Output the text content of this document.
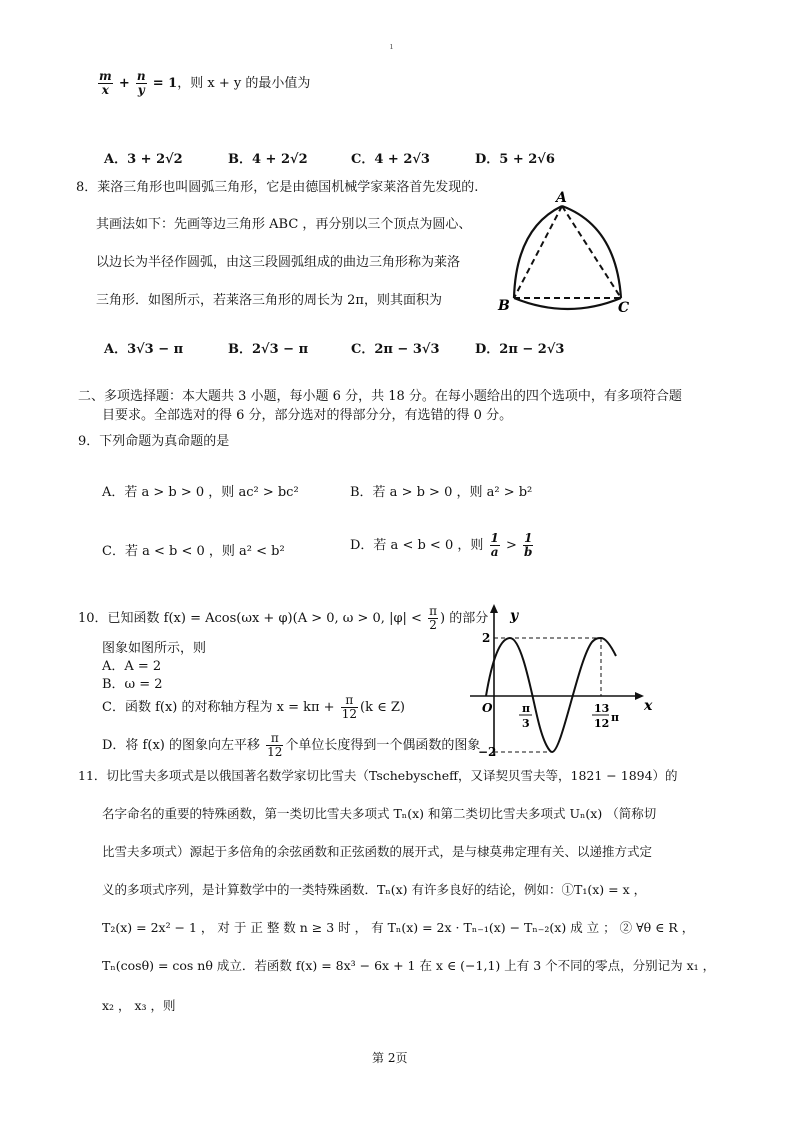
ı
$\frac{m}{x} + \frac{n}{y} = 1$，则 x + y 的最小值为
A．3 + 2√2	B．4 + 2√2	C．4 + 2√3	D．5 + 2√6
8．莱洛三角形也叫圆弧三角形，它是由德国机械学家莱洛首先发现的.
其画法如下：先画等边三角形 ABC ，再分别以三个顶点为圆心、
以边长为半径作圆弧，由这三段圆弧组成的曲边三角形称为莱洛
三角形．如图所示，若莱洛三角形的周长为 2π，则其面积为
A
B	C
A．3√3 − π	B．2√3 − π	C．2π − 3√3	D．2π − 2√3
二、多项选择题：本大题共 3 小题，每小题 6 分，共 18 分。在每小题给出的四个选项中，有多项符合题
目要求。全部选对的得 6 分，部分选对的得部分分，有选错的得 0 分。
9．下列命题为真命题的是
A．若 a > b > 0 ，则 ac² > bc²	B．若 a > b > 0 ，则 a² > b²
C．若 a < b < 0 ，则 a² < b²	D．若 a < b < 0 ，则 $\frac{1}{a} > \frac{1}{b}$
10．已知函数 f(x) = Acos(ωx + φ)(A > 0, ω > 0, $|\varphi| < \frac{\pi}{2}$ ) 的部分
图象如图所示，则
A．A = 2
B．ω = 2
C．函数 f(x) 的对称轴方程为 $x = k\pi + \frac{\pi}{12} (k$ ∈ Z)
D．将 f(x) 的图象向左平移 $\frac{\pi}{12}$ 个单位长度得到一个偶函数的图象
y
x
O
2
−2
π
3
13
12 π
11．切比雪夫多项式是以俄国著名数学家切比雪夫（Tschebyscheff，又译契贝雪夫等，1821 − 1894）的
名字命名的重要的特殊函数，第一类切比雪夫多项式 Tₙ(x) 和第二类切比雪夫多项式 Uₙ(x) （简称切
比雪夫多项式）源起于多倍角的余弦函数和正弦函数的展开式，是与棣莫弗定理有关、以递推方式定
义的多项式序列，是计算数学中的一类特殊函数．Tₙ(x) 有许多良好的结论，例如：①T₁(x) = x ，
T₂(x) = 2x² − 1 ， 对 于 正 整 数 n ≥ 3 时 ， 有 Tₙ(x) = 2x · Tₙ₋₁(x) − Tₙ₋₂(x) 成 立 ； ② ∀θ ∈ R ，
Tₙ(cosθ) = cos nθ 成立．若函数 f(x) = 8x³ − 6x + 1 在 x ∈ (−1,1) 上有 3 个不同的零点，分别记为 x₁ ，
x₂ ， x₃ ，则
第 2页
